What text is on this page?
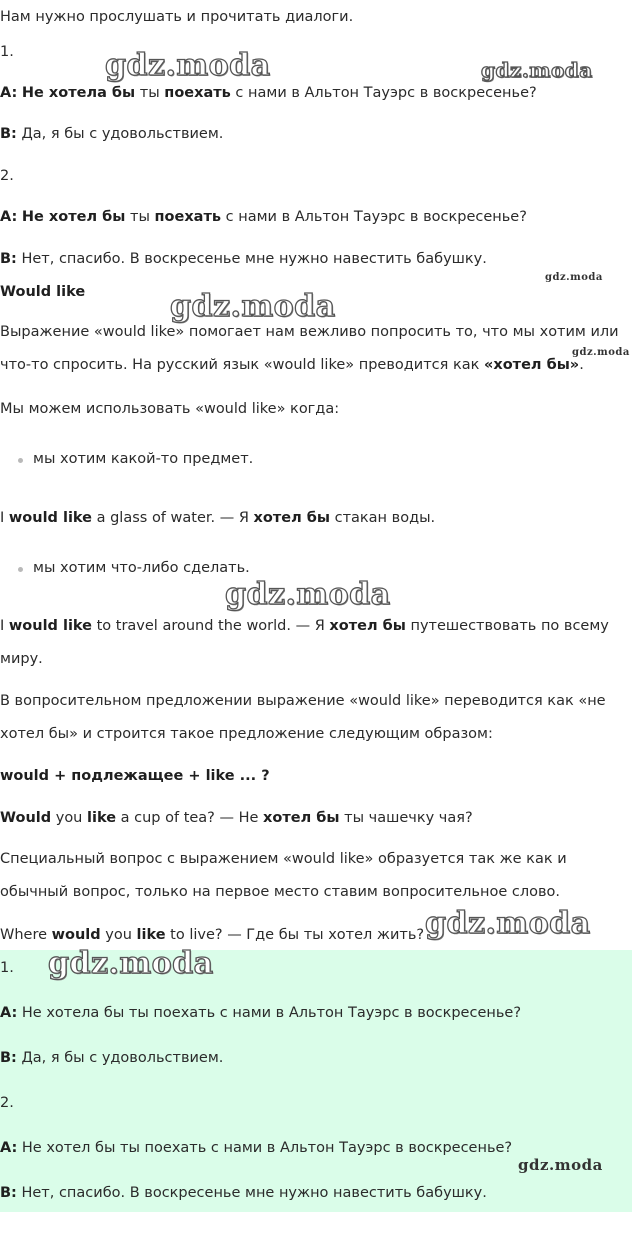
Нам нужно прослушать и прочитать диалоги.

1.

A: Не хотела бы ты поехать с нами в Альтон Тауэрс в воскресенье?

B: Да, я бы с удовольствием.

2.

A: Не хотел бы ты поехать с нами в Альтон Тауэрс в воскресенье?

B: Нет, спасибо. В воскресенье мне нужно навестить бабушку.

Would like

Выражение «would like» помогает нам вежливо попросить то, что мы хотим или что-то спросить. На русский язык «would like» преводится как «хотел бы».

Мы можем использовать «would like» когда:

мы хотим какой-то предмет.

I would like a glass of water. — Я хотел бы стакан воды.

мы хотим что-либо сделать.

I would like to travel around the world. — Я хотел бы путешествовать по всему миру.

В вопросительном предложении выражение «would like» переводится как «не хотел бы» и строится такое предложение следующим образом:

would + подлежащее + like ... ?

Would you like a cup of tea? — Не хотел бы ты чашечку чая?

Специальный вопрос с выражением «would like» образуется так же как и обычный вопрос, только на первое место ставим вопросительное слово.

Where would you like to live? — Где бы ты хотел жить?

1.

A: Не хотела бы ты поехать с нами в Альтон Тауэрс в воскресенье?

B: Да, я бы с удовольствием.

2.

A: Не хотел бы ты поехать с нами в Альтон Тауэрс в воскресенье?

B: Нет, спасибо. В воскресенье мне нужно навестить бабушку.

gdz.moda	gdz.moda
gdz.moda
gdz.moda
gdz.moda
gdz.moda
gdz.moda
gdz.moda
gdz.moda
